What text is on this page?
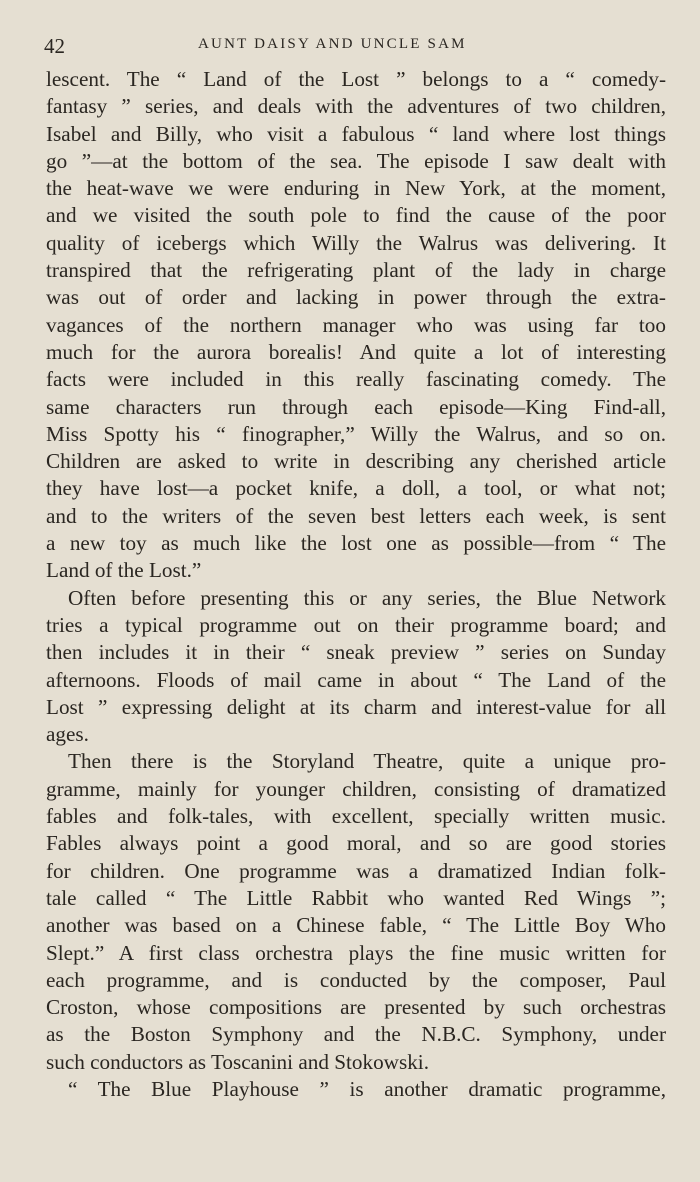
42	AUNT DAISY AND UNCLE SAM
lescent. The “ Land of the Lost ” belongs to a “ comedy-
fantasy ” series, and deals with the adventures of two children,
Isabel and Billy, who visit a fabulous “ land where lost things
go ”—at the bottom of the sea. The episode I saw dealt with
the heat-wave we were enduring in New York, at the moment,
and we visited the south pole to find the cause of the poor
quality of icebergs which Willy the Walrus was delivering. It
transpired that the refrigerating plant of the lady in charge
was out of order and lacking in power through the extra-
vagances of the northern manager who was using far too
much for the aurora borealis! And quite a lot of interesting
facts were included in this really fascinating comedy. The
same characters run through each episode—King Find-all,
Miss Spotty his “ finographer,” Willy the Walrus, and so on.
Children are asked to write in describing any cherished article
they have lost—a pocket knife, a doll, a tool, or what not;
and to the writers of the seven best letters each week, is sent
a new toy as much like the lost one as possible—from “ The
Land of the Lost.”
Often before presenting this or any series, the Blue Network
tries a typical programme out on their programme board; and
then includes it in their “ sneak preview ” series on Sunday
afternoons. Floods of mail came in about “ The Land of the
Lost ” expressing delight at its charm and interest-value for all
ages.
Then there is the Storyland Theatre, quite a unique pro-
gramme, mainly for younger children, consisting of dramatized
fables and folk-tales, with excellent, specially written music.
Fables always point a good moral, and so are good stories
for children. One programme was a dramatized Indian folk-
tale called “ The Little Rabbit who wanted Red Wings ”;
another was based on a Chinese fable, “ The Little Boy Who
Slept.” A first class orchestra plays the fine music written for
each programme, and is conducted by the composer, Paul
Croston, whose compositions are presented by such orchestras
as the Boston Symphony and the N.B.C. Symphony, under
such conductors as Toscanini and Stokowski.
“ The Blue Playhouse ” is another dramatic programme,
